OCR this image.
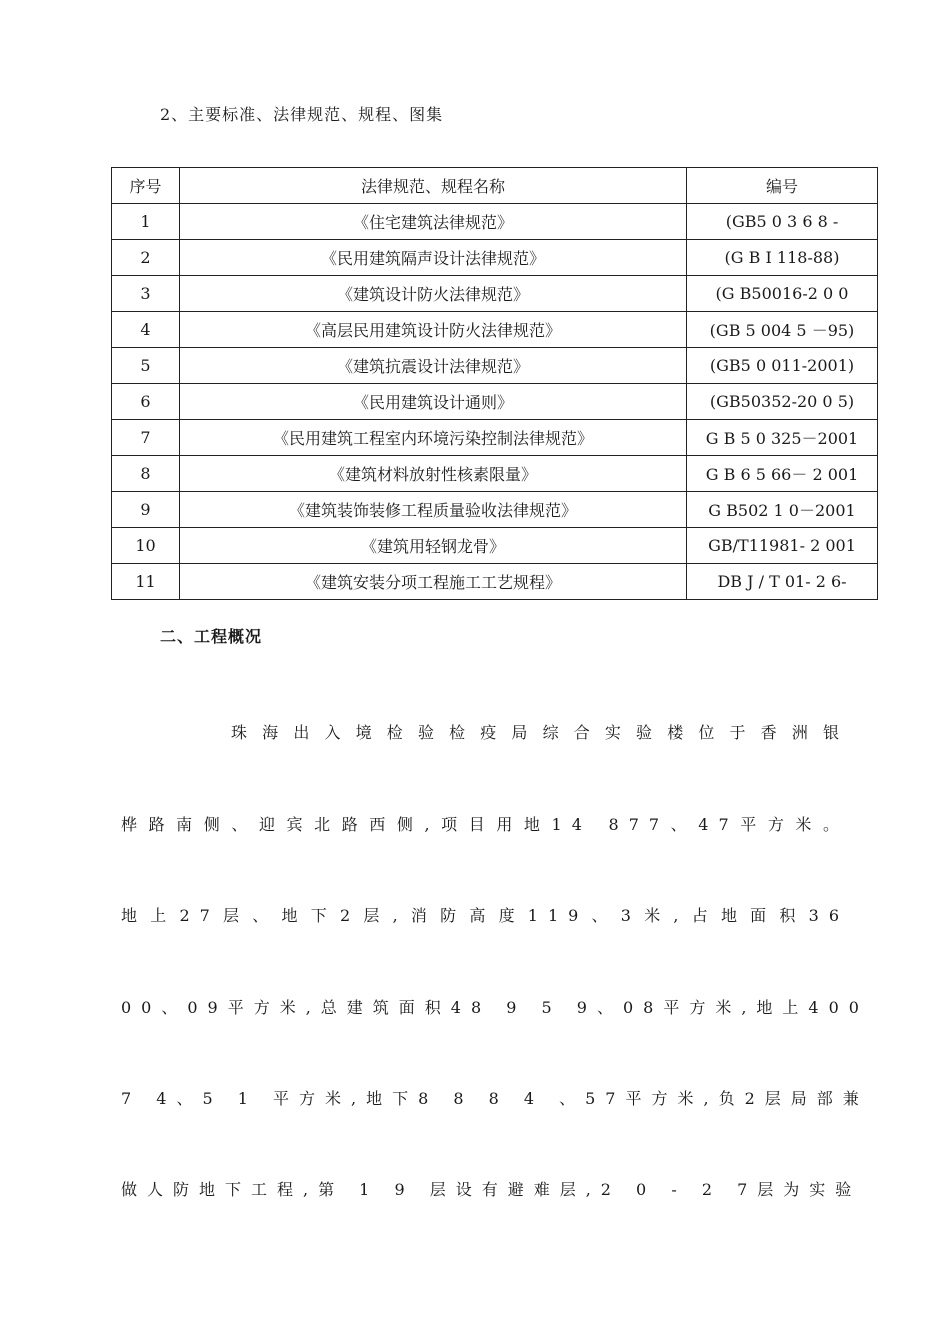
2、主要标准、法律规范、规程、图集
序号	法律规范、规程名称	编号
1	《住宅建筑法律规范》	(GB5 0 3 6 8 -
2	《民用建筑隔声设计法律规范》	(G B I 118-88)
3	《建筑设计防火法律规范》	(G B50016-2 0 0
4	《高层民用建筑设计防火法律规范》	(GB 5 004 5 －95)
5	《建筑抗震设计法律规范》	(GB5 0 011-2001)
6	《民用建筑设计通则》	(GB50352-20 0 5)
7	《民用建筑工程室内环境污染控制法律规范》	G B 5 0 325－2001
8	《建筑材料放射性核素限量》	G B 6 5 66－ 2 001
9	《建筑装饰装修工程质量验收法律规范》	G B502 1 0－2001
10	《建筑用轻钢龙骨》	GB/T11981- 2 001
11	《建筑安装分项工程施工工艺规程》	DB J / T 01- 2 6-
二、工程概况
珠海出入境检验检疫局综合实验楼位于香洲银
桦路南侧、迎宾北路西侧,项目用地14 877、47平方米。
地上27层、地下2层,消防高度119、3米,占地面积36
00、09平方米,总建筑面积48 9 5 9、08平方米,地上400
7 4、5 1 平方米,地下8 8 8 4 、57平方米,负2层局部兼
做人防地下工程,第 1 9 层设有避难层,2 0 - 2 7层为实验
